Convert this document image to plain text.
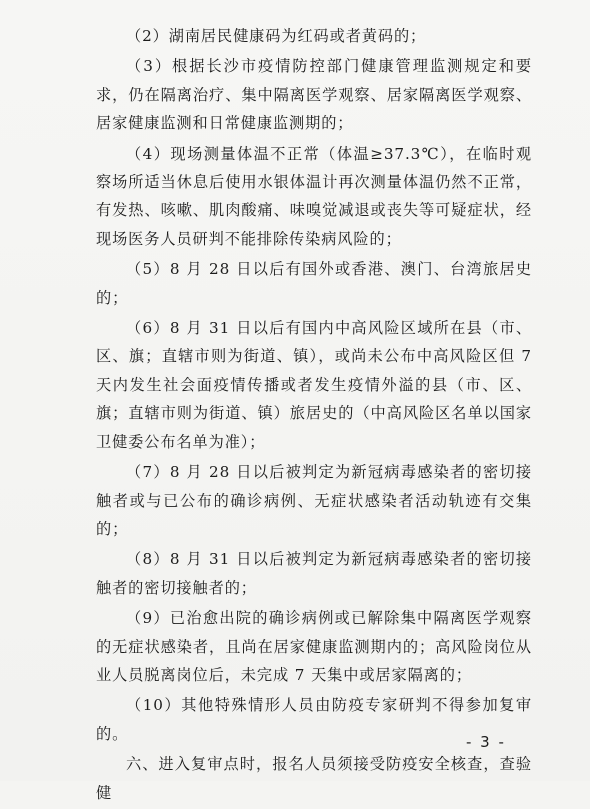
（2）湖南居民健康码为红码或者黄码的；

（3）根据长沙市疫情防控部门健康管理监测规定和要求，仍在隔离治疗、集中隔离医学观察、居家隔离医学观察、居家健康监测和日常健康监测期的；

（4）现场测量体温不正常（体温≥37.3℃），在临时观察场所适当休息后使用水银体温计再次测量体温仍然不正常，有发热、咳嗽、肌肉酸痛、味嗅觉减退或丧失等可疑症状，经现场医务人员研判不能排除传染病风险的；

（5）8 月 28 日以后有国外或香港、澳门、台湾旅居史的；

（6）8 月 31 日以后有国内中高风险区域所在县（市、区、旗；直辖市则为街道、镇），或尚未公布中高风险区但 7 天内发生社会面疫情传播或者发生疫情外溢的县（市、区、旗；直辖市则为街道、镇）旅居史的（中高风险区名单以国家卫健委公布名单为准）；

（7）8 月 28 日以后被判定为新冠病毒感染者的密切接触者或与已公布的确诊病例、无症状感染者活动轨迹有交集的；

（8）8 月 31 日以后被判定为新冠病毒感染者的密切接触者的密切接触者的；

（9）已治愈出院的确诊病例或已解除集中隔离医学观察的无症状感染者，且尚在居家健康监测期内的；高风险岗位从业人员脱离岗位后，未完成 7 天集中或居家隔离的；

（10）其他特殊情形人员由防疫专家研判不得参加复审的。

六、进入复审点时，报名人员须接受防疫安全核查，查验健

- 3 -
